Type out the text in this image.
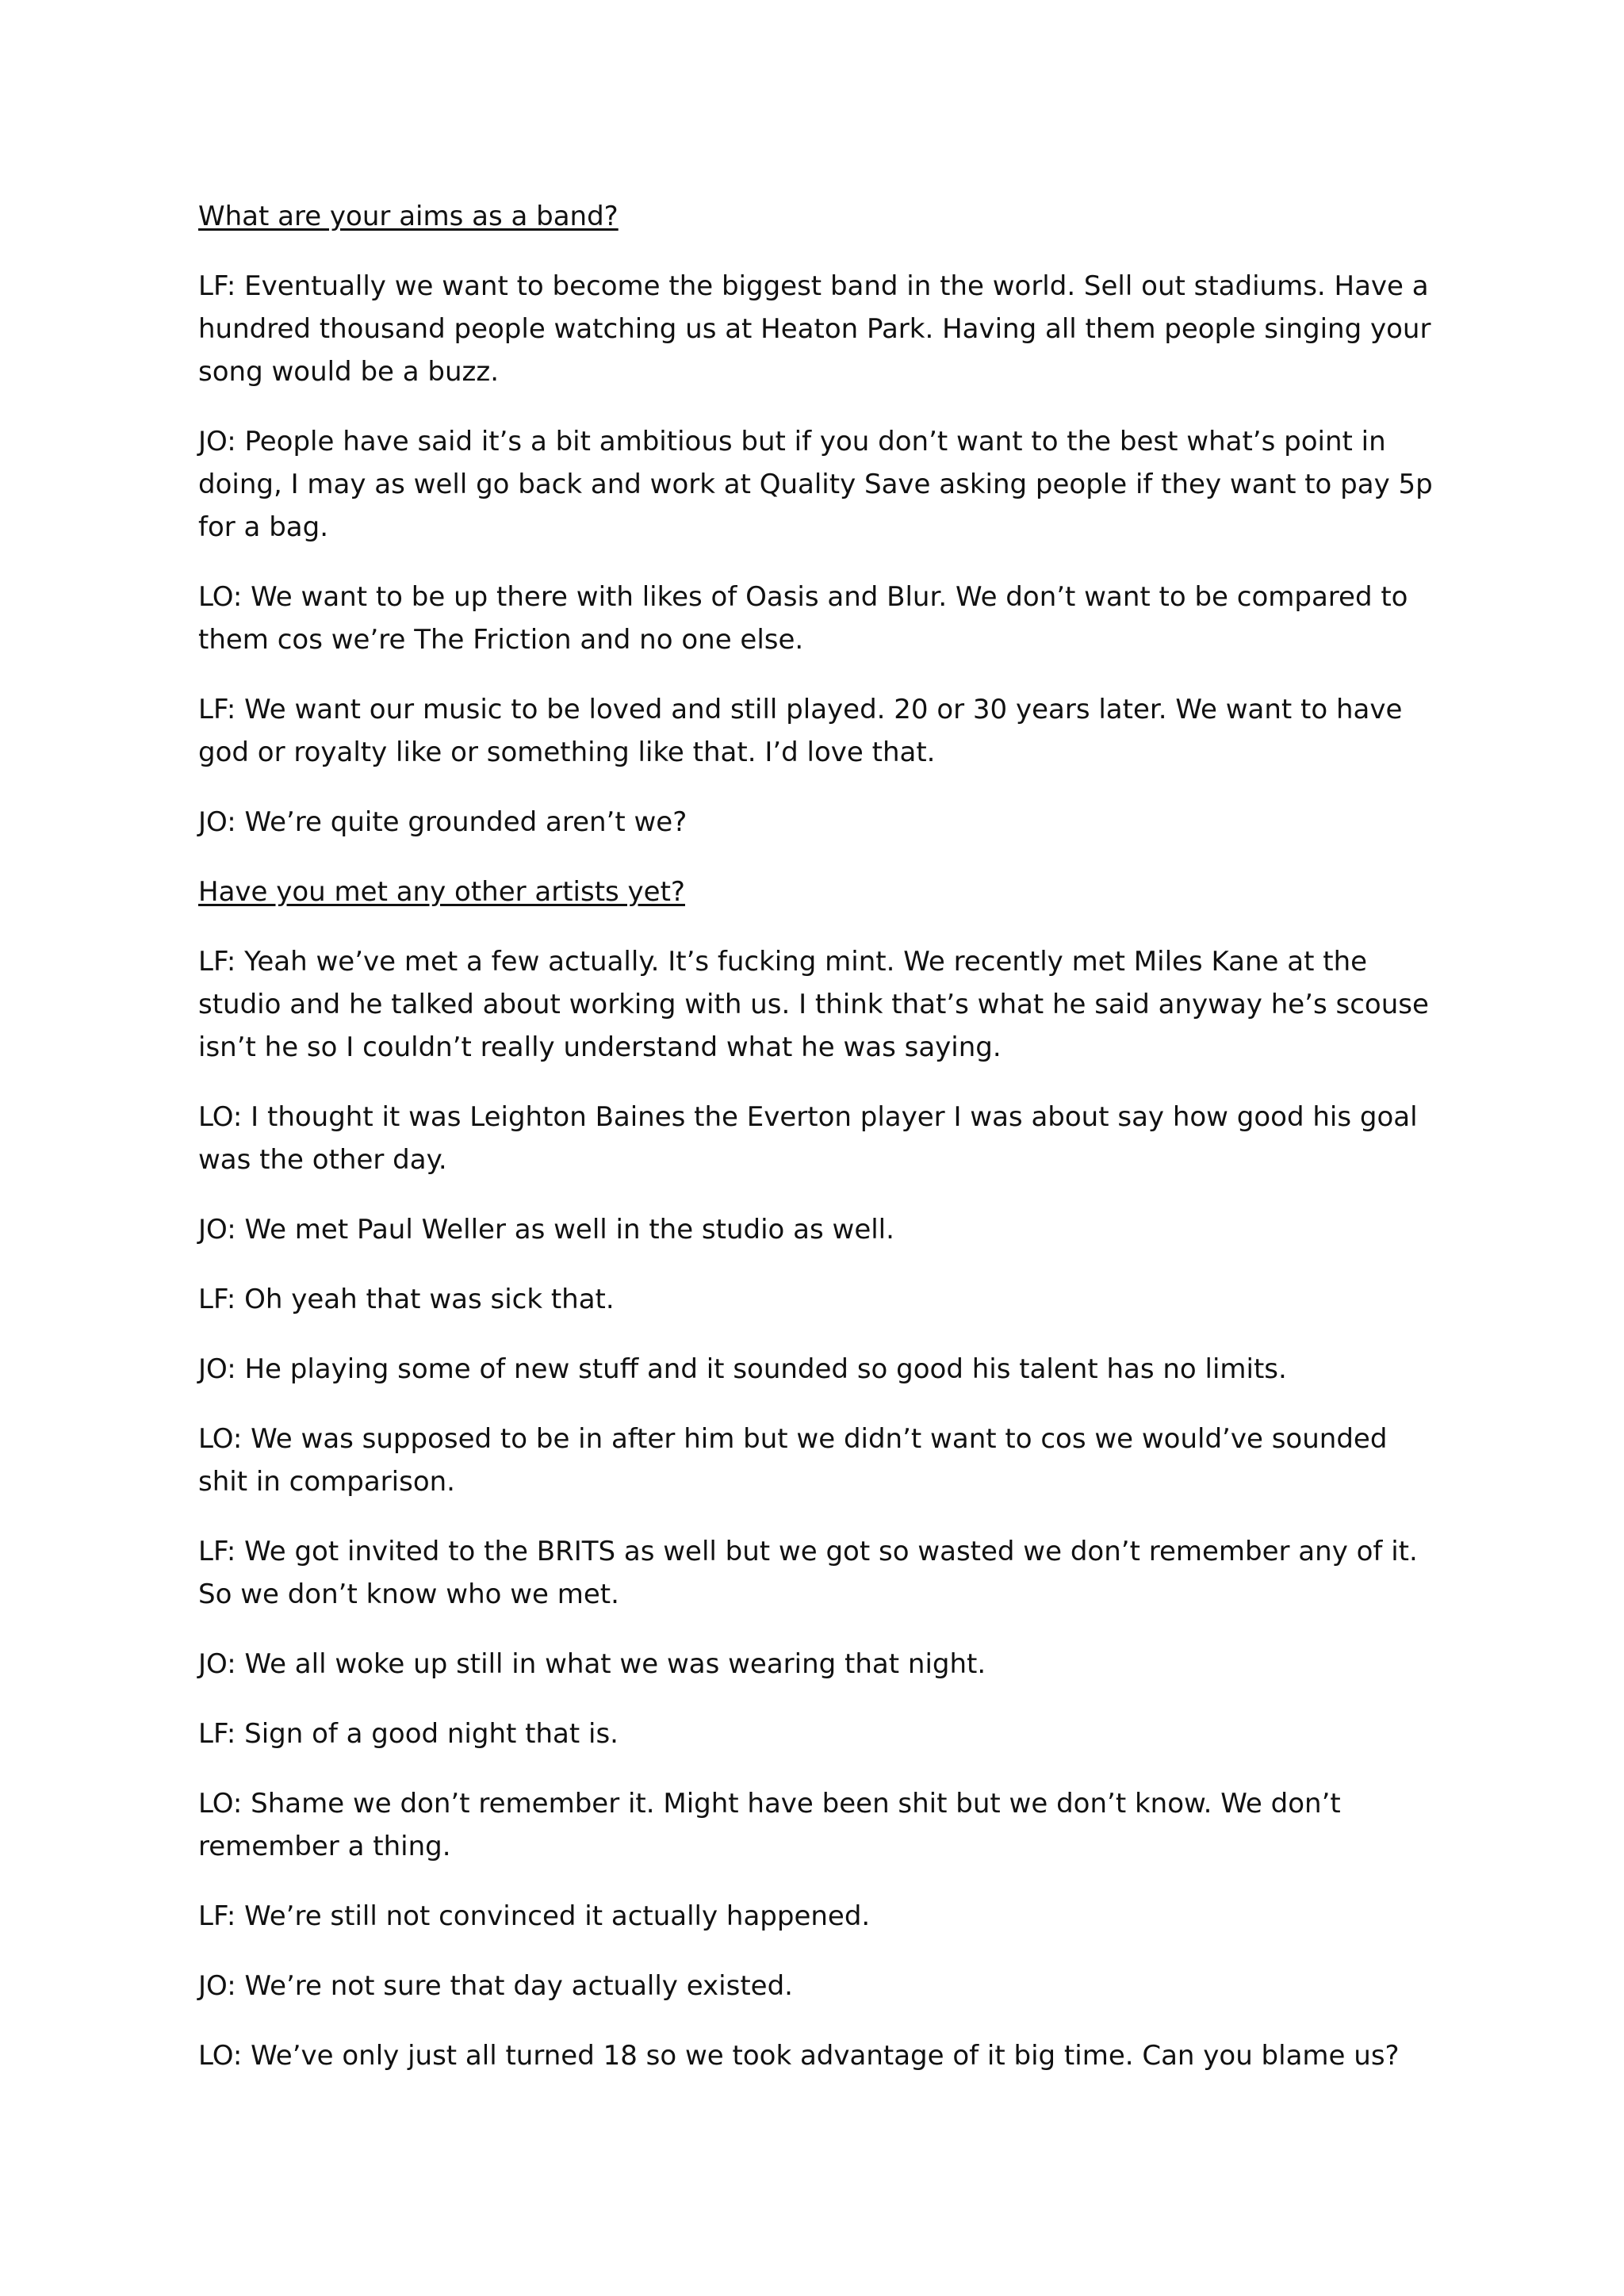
What are your aims as a band?

LF: Eventually we want to become the biggest band in the world. Sell out stadiums. Have a hundred thousand people watching us at Heaton Park. Having all them people singing your song would be a buzz.

JO: People have said it’s a bit ambitious but if you don’t want to the best what’s point in doing, I may as well go back and work at Quality Save asking people if they want to pay 5p for a bag.

LO: We want to be up there with likes of Oasis and Blur. We don’t want to be compared to them cos we’re The Friction and no one else.

LF: We want our music to be loved and still played. 20 or 30 years later. We want to have god or royalty like or something like that. I’d love that.

JO: We’re quite grounded aren’t we?

Have you met any other artists yet?

LF: Yeah we’ve met a few actually. It’s fucking mint. We recently met Miles Kane at the studio and he talked about working with us. I think that’s what he said anyway he’s scouse isn’t he so I couldn’t really understand what he was saying.

LO: I thought it was Leighton Baines the Everton player I was about say how good his goal was the other day.

JO: We met Paul Weller as well in the studio as well.

LF: Oh yeah that was sick that.

JO: He playing some of new stuff and it sounded so good his talent has no limits.

LO: We was supposed to be in after him but we didn’t want to cos we would’ve sounded shit in comparison.

LF: We got invited to the BRITS as well but we got so wasted we don’t remember any of it. So we don’t know who we met.

JO: We all woke up still in what we was wearing that night.

LF: Sign of a good night that is.

LO: Shame we don’t remember it. Might have been shit but we don’t know. We don’t remember a thing.

LF: We’re still not convinced it actually happened.

JO: We’re not sure that day actually existed.

LO: We’ve only just all turned 18 so we took advantage of it big time. Can you blame us?
